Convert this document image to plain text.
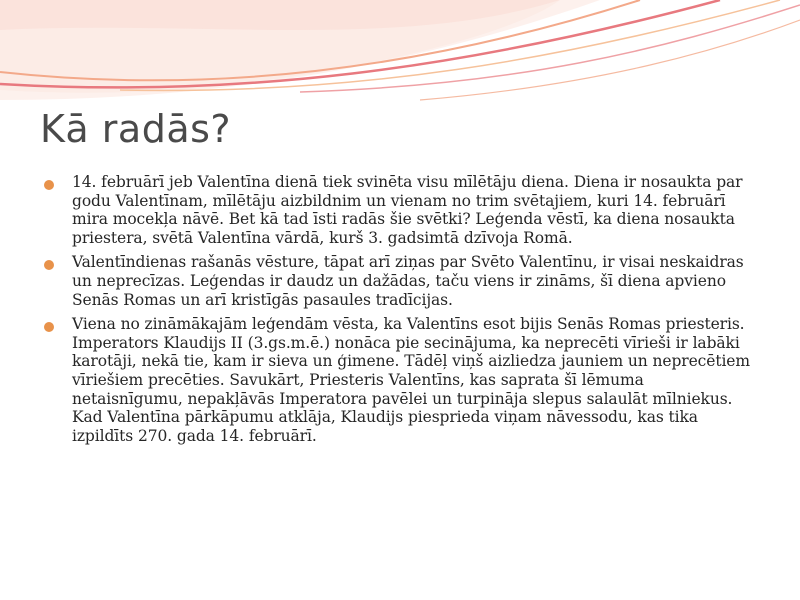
Kā radās?
14. februārī jeb Valentīna dienā tiek svinēta visu mīlētāju diena. Diena ir nosaukta par godu Valentīnam, mīlētāju aizbildnim un vienam no trim svētajiem, kuri 14. februārī mira mocekļa nāvē. Bet kā tad īsti radās šie svētki? Leģenda vēstī, ka diena nosaukta priestera, svētā Valentīna vārdā, kurš 3. gadsimtā dzīvoja Romā.
Valentīndienas rašanās vēsture, tāpat arī ziņas par Svēto Valentīnu, ir visai neskaidras un neprecīzas. Leģendas ir daudz un dažādas, taču viens ir zināms, šī diena apvieno Senās Romas un arī kristīgās pasaules tradīcijas.
Viena no zināmākajām leģendām vēsta, ka Valentīns esot bijis Senās Romas priesteris. Imperators Klaudijs II (3.gs.m.ē.) nonāca pie secinājuma, ka neprecēti vīrieši ir labāki karotāji, nekā tie, kam ir sieva un ģimene. Tādēļ viņš aizliedza jauniem un neprecētiem vīriešiem precēties. Savukārt, Priesteris Valentīns, kas saprata šī lēmuma netaisnīgumu, nepakļāvās Imperatora pavēlei un turpināja slepus salaulāt mīlniekus. Kad Valentīna pārkāpumu atklāja, Klaudijs piesprieda viņam nāvessodu, kas tika izpildīts 270. gada 14. februārī.
